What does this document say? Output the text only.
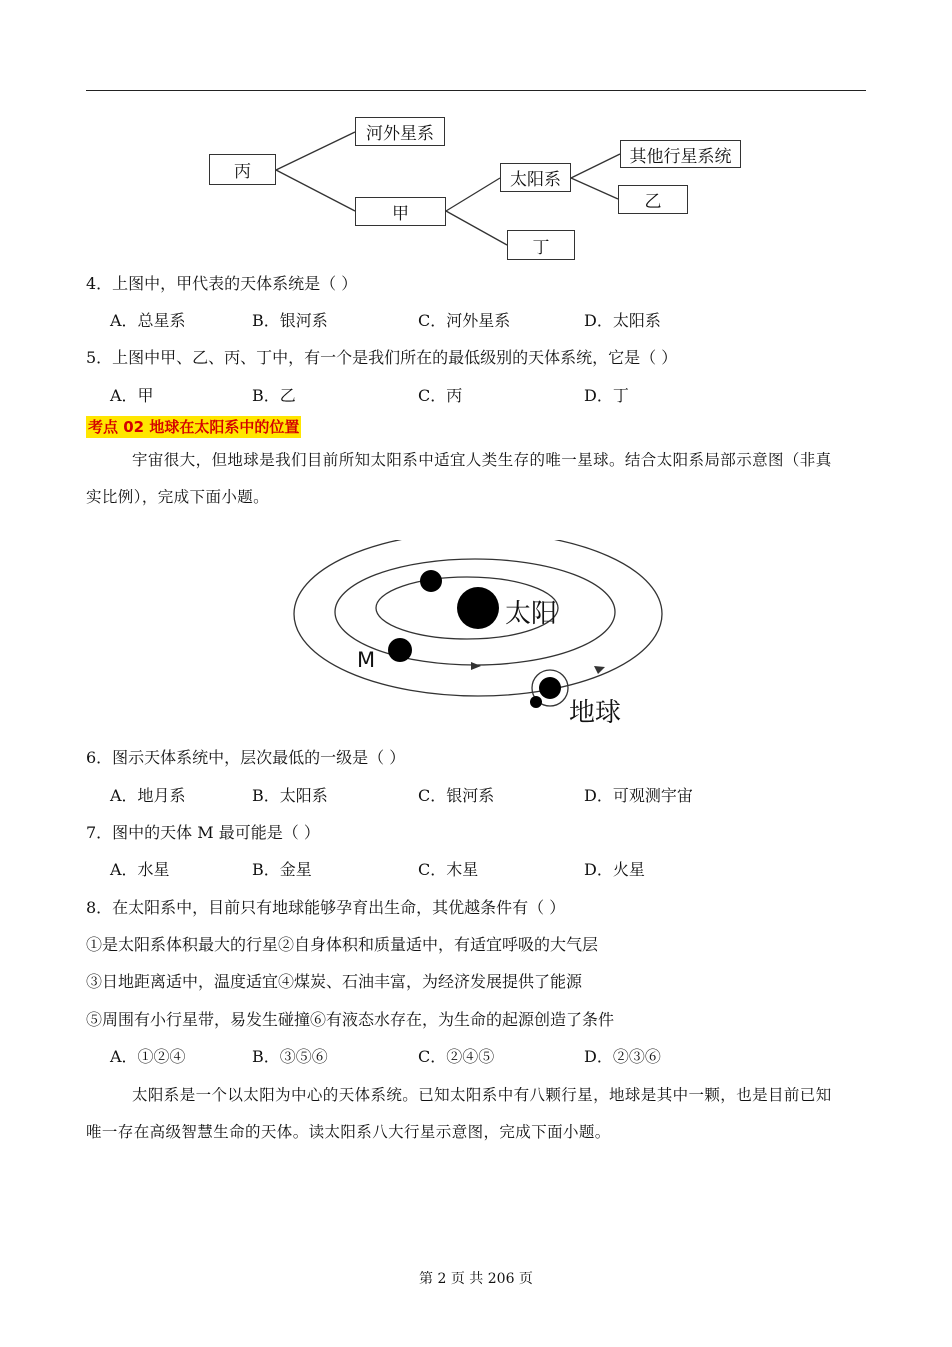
丙
河外星系
甲
太阳系
丁
其他行星系统
乙
4．上图中，甲代表的天体系统是（ ）
A．总星系	B．银河系	C．河外星系	D．太阳系
5．上图中甲、乙、丙、丁中，有一个是我们所在的最低级别的天体系统，它是（ ）
A．甲	B．乙	C．丙	D．丁
考点 02 地球在太阳系中的位置
宇宙很大，但地球是我们目前所知太阳系中适宜人类生存的唯一星球。结合太阳系局部示意图（非真
实比例），完成下面小题。
太阳
M
地球
6．图示天体系统中，层次最低的一级是（ ）
A．地月系	B．太阳系	C．银河系	D．可观测宇宙
7．图中的天体 M 最可能是（ ）
A．水星	B．金星	C．木星	D．火星
8．在太阳系中，目前只有地球能够孕育出生命，其优越条件有（ ）
①是太阳系体积最大的行星②自身体积和质量适中，有适宜呼吸的大气层
③日地距离适中，温度适宜④煤炭、石油丰富，为经济发展提供了能源
⑤周围有小行星带，易发生碰撞⑥有液态水存在，为生命的起源创造了条件
A．①②④	B．③⑤⑥	C．②④⑤	D．②③⑥
太阳系是一个以太阳为中心的天体系统。已知太阳系中有八颗行星，地球是其中一颗，也是目前已知
唯一存在高级智慧生命的天体。读太阳系八大行星示意图，完成下面小题。
第 2 页 共 206 页
